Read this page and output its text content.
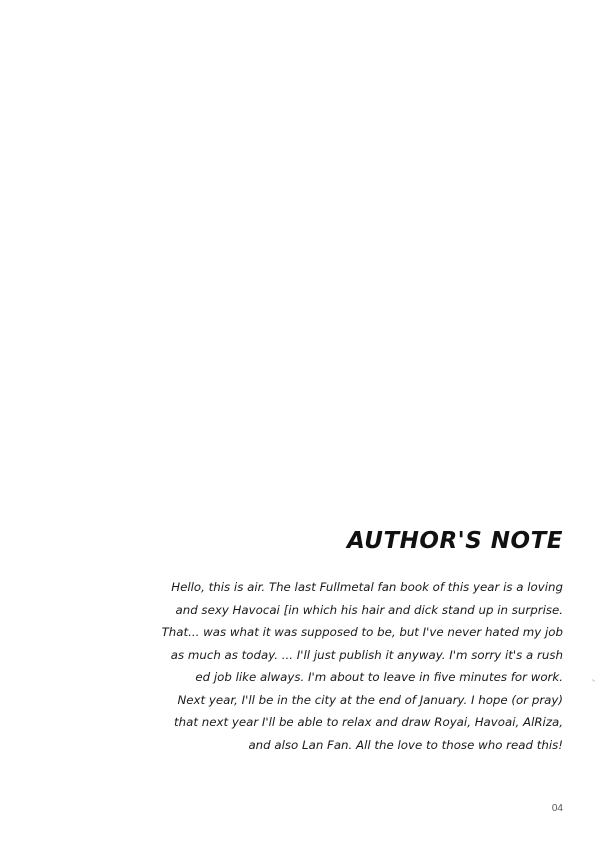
AUTHOR'S NOTE
Hello, this is air. The last Fullmetal fan book of this year is a loving
and sexy Havocai [in which his hair and dick stand up in surprise.
That... was what it was supposed to be, but I've never hated my job
as much as today. ... I'll just publish it anyway. I'm sorry it's a rush
ed job like always. I'm about to leave in five minutes for work.
Next year, I'll be in the city at the end of January. I hope (or pray)
that next year I'll be able to relax and draw Royai, Havoai, AlRiza,
and also Lan Fan. All the love to those who read this!
04
